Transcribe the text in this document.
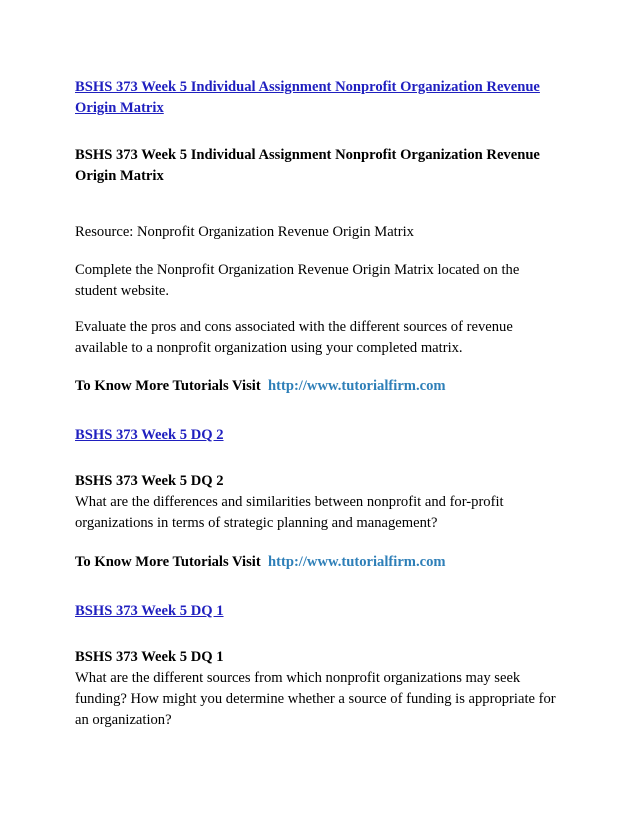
BSHS 373 Week 5 Individual Assignment Nonprofit Organization Revenue
Origin Matrix
BSHS 373 Week 5 Individual Assignment Nonprofit Organization Revenue
Origin Matrix
Resource: Nonprofit Organization Revenue Origin Matrix
Complete the Nonprofit Organization Revenue Origin Matrix located on the
student website.
Evaluate the pros and cons associated with the different sources of revenue
available to a nonprofit organization using your completed matrix.
To Know More Tutorials Visit http://www.tutorialfirm.com
BSHS 373 Week 5 DQ 2
BSHS 373 Week 5 DQ 2
What are the differences and similarities between nonprofit and for-profit
organizations in terms of strategic planning and management?
To Know More Tutorials Visit http://www.tutorialfirm.com
BSHS 373 Week 5 DQ 1
BSHS 373 Week 5 DQ 1
What are the different sources from which nonprofit organizations may seek
funding? How might you determine whether a source of funding is appropriate for
an organization?
